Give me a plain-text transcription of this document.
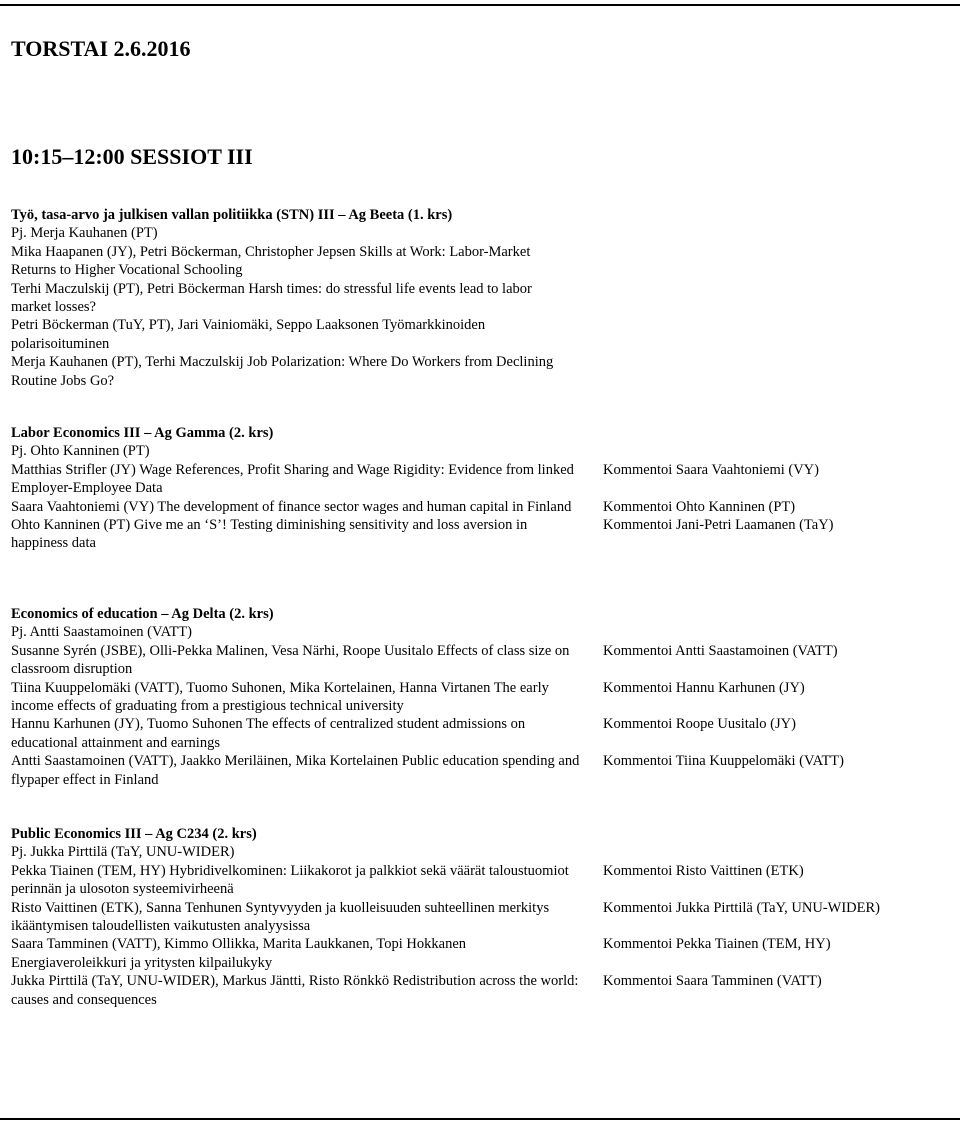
TORSTAI 2.6.2016
10:15–12:00 SESSIOT III
Työ, tasa-arvo ja julkisen vallan politiikka (STN) III – Ag Beeta (1. krs)
Pj. Merja Kauhanen (PT)
Mika Haapanen (JY), Petri Böckerman, Christopher Jepsen Skills at Work: Labor-Market Returns to Higher Vocational Schooling
Terhi Maczulskij (PT), Petri Böckerman Harsh times: do stressful life events lead to labor market losses?
Petri Böckerman (TuY, PT), Jari Vainiomäki, Seppo Laaksonen Työmarkkinoiden polarisoituminen
Merja Kauhanen (PT), Terhi Maczulskij Job Polarization: Where Do Workers from Declining Routine Jobs Go?
Labor Economics III – Ag Gamma (2. krs)
Pj. Ohto Kanninen (PT)
Matthias Strifler (JY) Wage References, Profit Sharing and Wage Rigidity: Evidence from linked Employer-Employee Data
Kommentoi Saara Vaahtoniemi (VY)
Saara Vaahtoniemi (VY) The development of finance sector wages and human capital in Finland	Kommentoi Ohto Kanninen (PT)
Ohto Kanninen (PT) Give me an ‘S’! Testing diminishing sensitivity and loss aversion in happiness data
Kommentoi Jani-Petri Laamanen (TaY)
Economics of education – Ag Delta (2. krs)
Pj. Antti Saastamoinen (VATT)
Susanne Syrén (JSBE), Olli-Pekka Malinen, Vesa Närhi, Roope Uusitalo Effects of class size on classroom disruption
Kommentoi Antti Saastamoinen (VATT)
Tiina Kuuppelomäki (VATT), Tuomo Suhonen, Mika Kortelainen, Hanna Virtanen The early income effects of graduating from a prestigious technical university
Kommentoi Hannu Karhunen (JY)
Hannu Karhunen (JY), Tuomo Suhonen The effects of centralized student admissions on educational attainment and earnings
Kommentoi Roope Uusitalo (JY)
Antti Saastamoinen (VATT), Jaakko Meriläinen, Mika Kortelainen Public education spending and flypaper effect in Finland
Kommentoi Tiina Kuuppelomäki (VATT)
Public Economics III – Ag C234 (2. krs)
Pj. Jukka Pirttilä (TaY, UNU-WIDER)
Pekka Tiainen (TEM, HY) Hybridivelkominen: Liikakorot ja palkkiot sekä väärät taloustuomiot perinnän ja ulosoton systeemivirheenä
Kommentoi Risto Vaittinen (ETK)
Risto Vaittinen (ETK), Sanna Tenhunen Syntyvyyden ja kuolleisuuden suhteellinen merkitys ikääntymisen taloudellisten vaikutusten analyysissa
Kommentoi Jukka Pirttilä (TaY, UNU-WIDER)
Saara Tamminen (VATT), Kimmo Ollikka, Marita Laukkanen, Topi Hokkanen Energiaveroleikkuri ja yritysten kilpailukyky
Kommentoi Pekka Tiainen (TEM, HY)
Jukka Pirttilä (TaY, UNU-WIDER), Markus Jäntti, Risto Rönkkö Redistribution across the world: causes and consequences
Kommentoi Saara Tamminen (VATT)
